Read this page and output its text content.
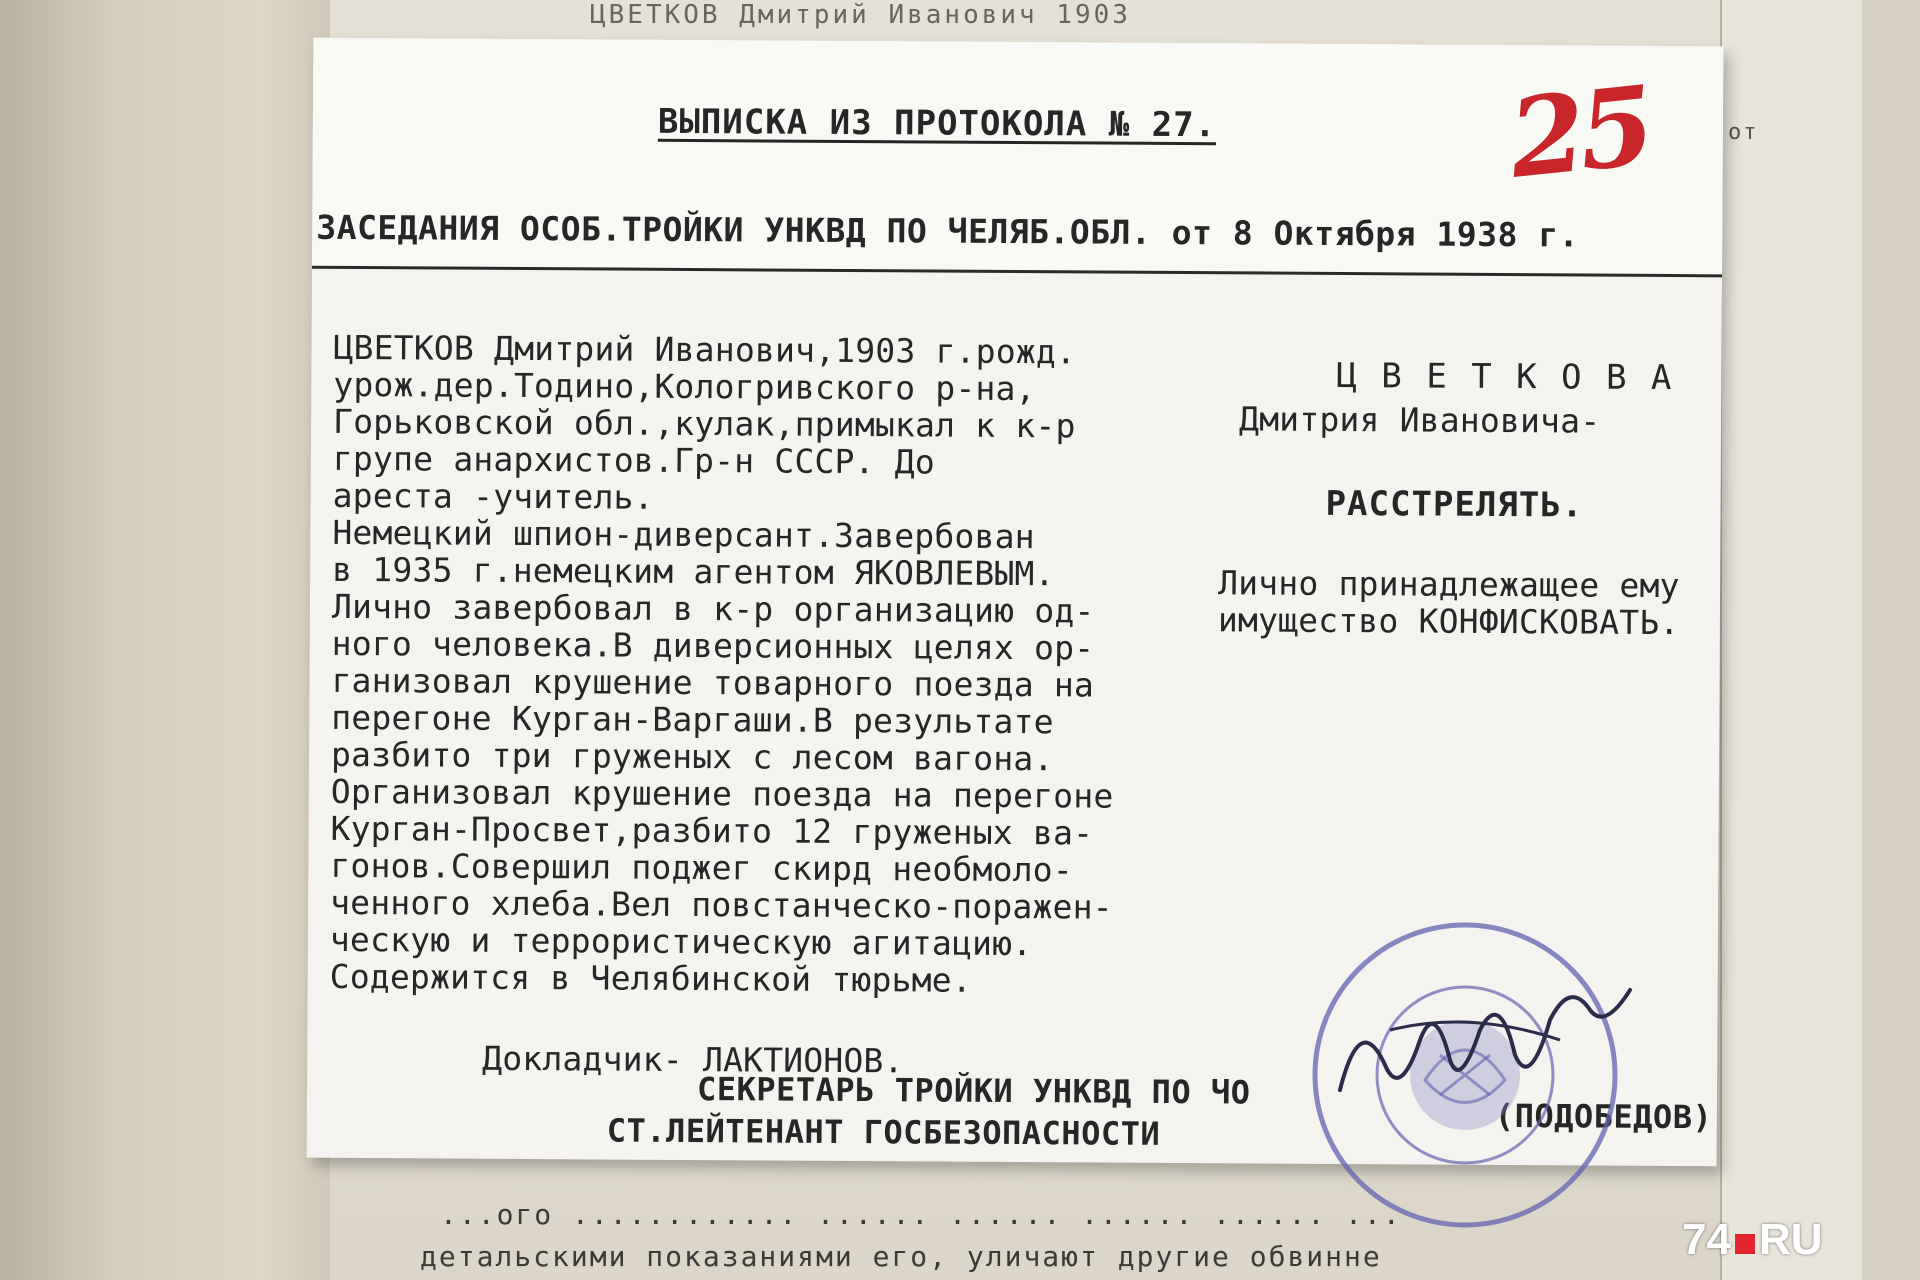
ЦВЕТКОВ Дмитрий Иванович 1903
от
...ого ............ ...... ...... ...... ...... ...
детальскими показаниями его, уличают другие обвинне
ВЫПИСКА ИЗ ПРОТОКОЛА № 27.
ЗАСЕДАНИЯ ОСОБ.ТРОЙКИ УНКВД ПО ЧЕЛЯБ.ОБЛ. от 8 Октября 1938 г.
ЦВЕТКОВ Дмитрий Иванович,1903 г.рожд.
урож.дер.Тодино,Кологривского р-на,
Горьковской обл.,кулак,примыкал к к-р
групе анархистов.Гр-н СССР. До
ареста -учитель.
Немецкий шпион-диверсант.Завербован
в 1935 г.немецким агентом ЯКОВЛЕВЫМ.
Лично завербовал в к-р организацию од-
ного человека.В диверсионных целях ор-
ганизовал крушение товарного поезда на
перегоне Курган-Варгаши.В результате
разбито три груженых с лесом вагона.
Организовал крушение поезда на перегоне
Курган-Просвет,разбито 12 груженых ва-
гонов.Совершил поджег скирд необмоло-
ченного хлеба.Вел повстанческо-поражен-
ческую и террористическую агитацию.
Содержится в Челябинской тюрьме.
Докладчик- ЛАКТИОНОВ.
Ц В Е Т К О В А
Дмитрия Ивановича-
РАССТРЕЛЯТЬ.
Лично принадлежащее ему
имущество КОНФИСКОВАТЬ.
СЕКРЕТАРЬ ТРОЙКИ УНКВД ПО ЧО
СТ.ЛЕЙТЕНАНТ ГОСБЕЗОПАСНОСТИ	(ПОДОБЕДОВ)
25
74 RU
